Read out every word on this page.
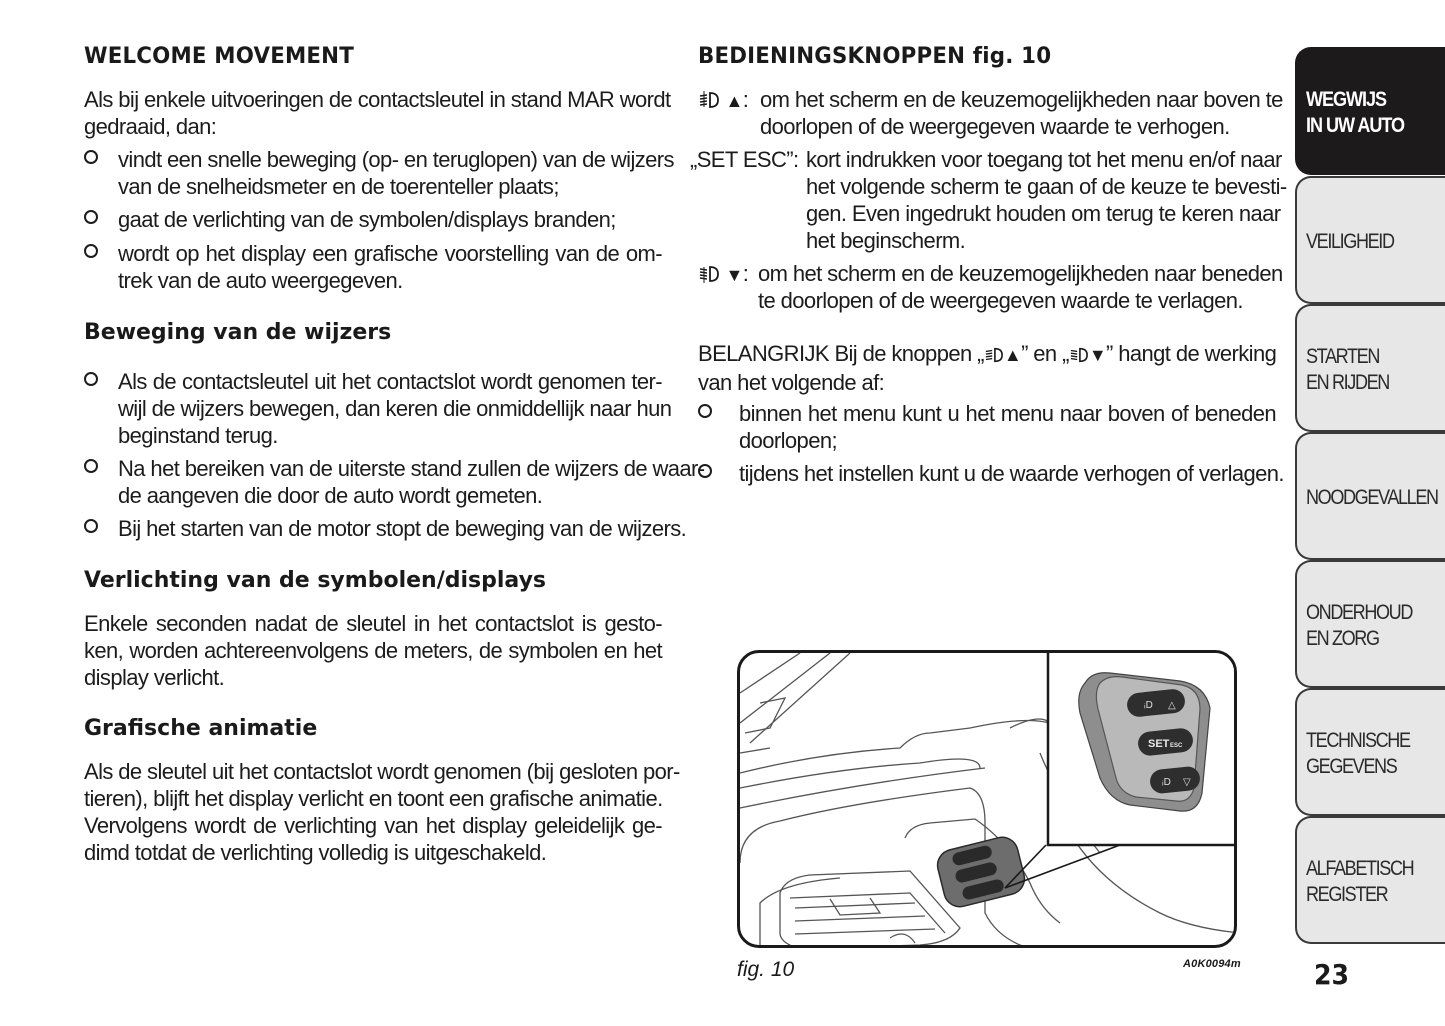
WELCOME MOVEMENT
Als bij enkele uitvoeringen de contactsleutel in stand MAR wordt
gedraaid, dan:
vindt een snelle beweging (op- en teruglopen) van de wijzers
van de snelheidsmeter en de toerenteller plaats;
gaat de verlichting van de symbolen/displays branden;
wordt op het display een grafische voorstelling van de om-
trek van de auto weergegeven.
Beweging van de wijzers
Als de contactsleutel uit het contactslot wordt genomen ter-
wijl de wijzers bewegen, dan keren die onmiddellijk naar hun
beginstand terug.
Na het bereiken van de uiterste stand zullen de wijzers de waar-
de aangeven die door de auto wordt gemeten.
Bij het starten van de motor stopt de beweging van de wijzers.
Verlichting van de symbolen/displays
Enkele seconden nadat de sleutel in het contactslot is gesto-
ken, worden achtereenvolgens de meters, de symbolen en het
display verlicht.
Grafische animatie
Als de sleutel uit het contactslot wordt genomen (bij gesloten por-
tieren), blijft het display verlicht en toont een grafische animatie.
Vervolgens wordt de verlichting van het display geleidelijk ge-
dimd totdat de verlichting volledig is uitgeschakeld.
BEDIENINGSKNOPPEN fig. 10
▲: om het scherm en de keuzemogelijkheden naar boven te
doorlopen of de weergegeven waarde te verhogen.
„SET ESC”: kort indrukken voor toegang tot het menu en/of naar
het volgende scherm te gaan of de keuze te bevesti-
gen. Even ingedrukt houden om terug te keren naar
het beginscherm.
▼: om het scherm en de keuzemogelijkheden naar beneden
te doorlopen of de weergegeven waarde te verlagen.
BELANGRIJK Bij de knoppen „ ▲” en „ ▼” hangt de werking
van het volgende af:
binnen het menu kunt u het menu naar boven of beneden
doorlopen;
tijdens het instellen kunt u de waarde verhogen of verlagen.
ᵢD △
SET ESC
ᵢD ▽
fig. 10	A0K0094m
WEGWIJS
IN UW AUTO
VEILIGHEID
STARTEN
EN RIJDEN
NOODGEVALLEN
ONDERHOUD
EN ZORG
TECHNISCHE
GEGEVENS
ALFABETISCH
REGISTER
23
